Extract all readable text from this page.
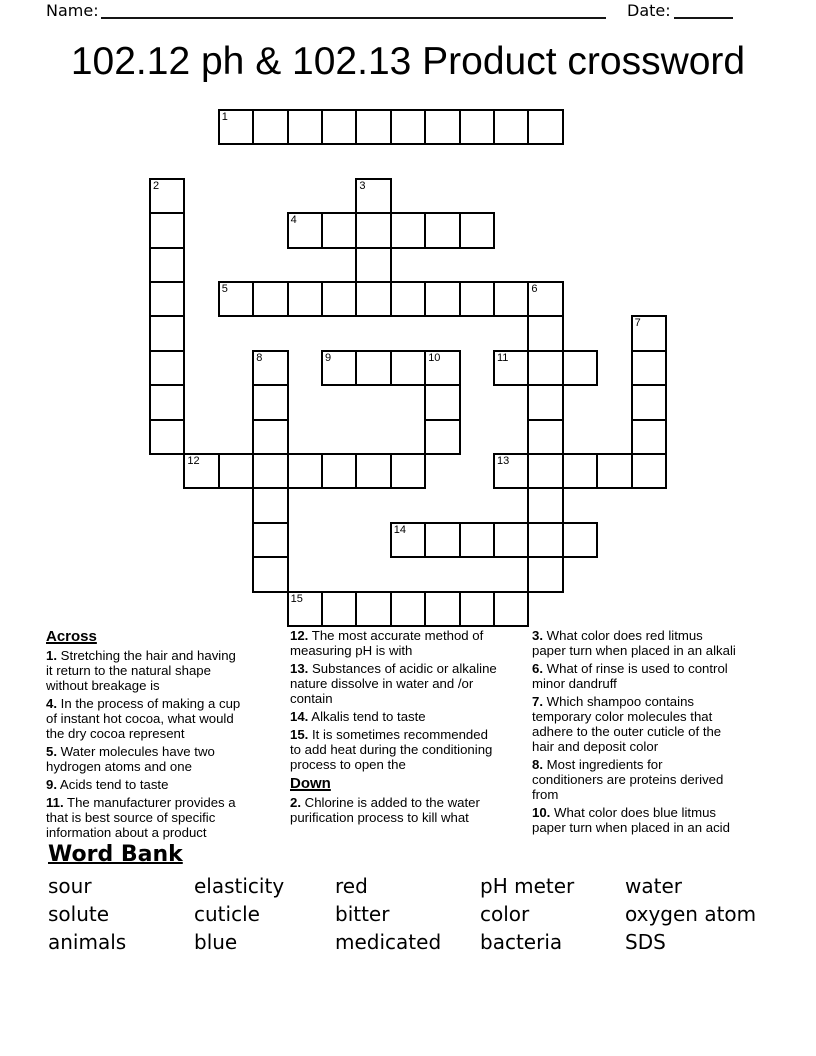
Name:	Date:
102.12 ph & 102.13 Product crossword
1
2	3
4
5	6
7
8	9	10	11
12	13
14
15
Across

1. Stretching the hair and having
it return to the natural shape
without breakage is

4. In the process of making a cup
of instant hot cocoa, what would
the dry cocoa represent

5. Water molecules have two
hydrogen atoms and one

9. Acids tend to taste

11. The manufacturer provides a
that is best source of specific
information about a product

12. The most accurate method of
measuring pH is with

13. Substances of acidic or alkaline
nature dissolve in water and /or
contain

14. Alkalis tend to taste

15. It is sometimes recommended
to add heat during the conditioning
process to open the

Down

2. Chlorine is added to the water
purification process to kill what

3. What color does red litmus
paper turn when placed in an alkali

6. What of rinse is used to control
minor dandruff

7. Which shampoo contains
temporary color molecules that
adhere to the outer cuticle of the
hair and deposit color

8. Most ingredients for
conditioners are proteins derived
from

10. What color does blue litmus
paper turn when placed in an acid

Word Bank
sour	elasticity	red	pH meter	water
solute	cuticle	bitter	color	oxygen atom
animals	blue	medicated	bacteria	SDS
